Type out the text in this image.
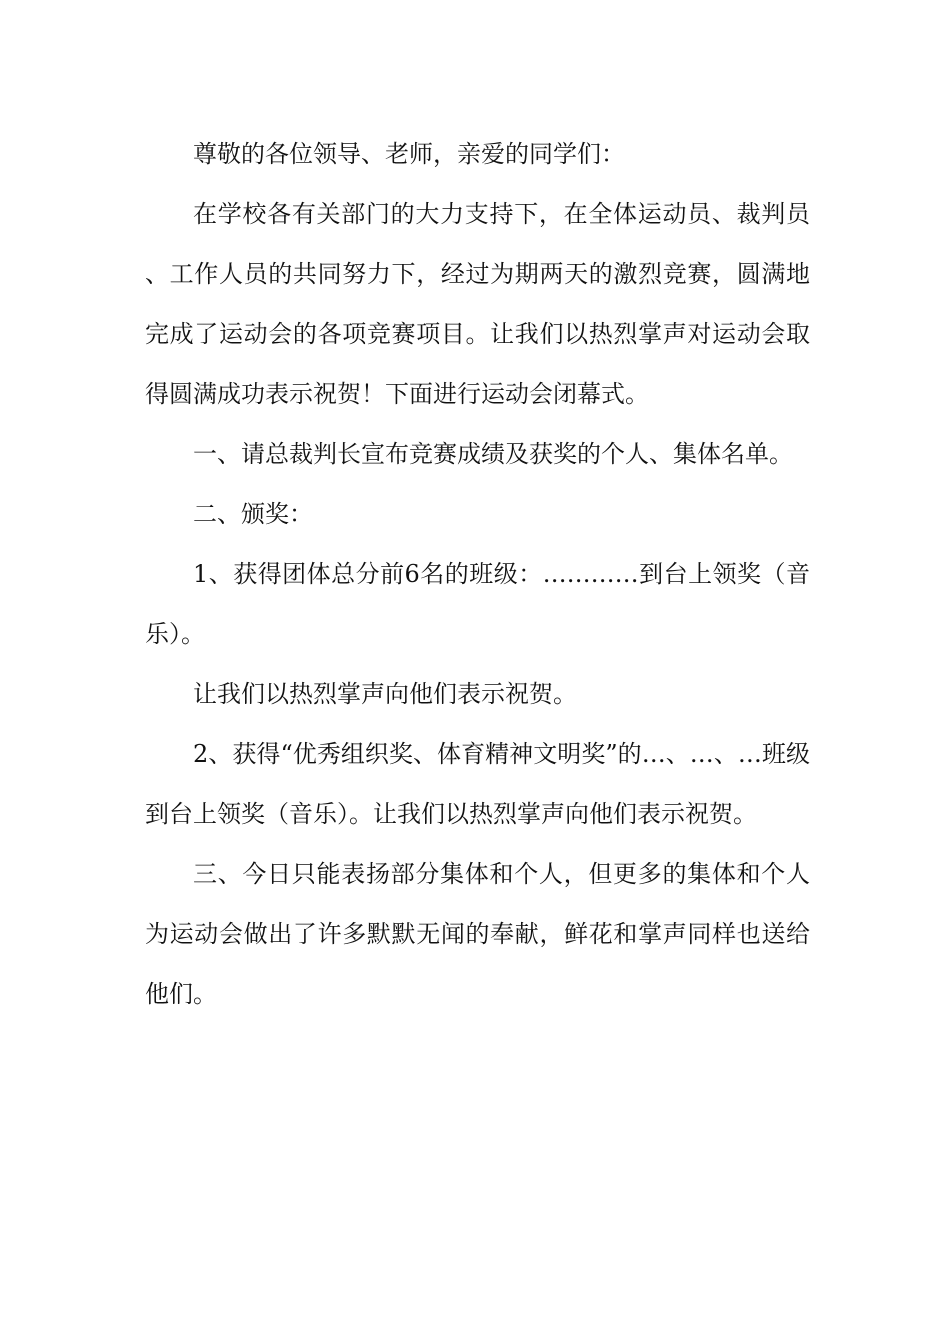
尊敬的各位领导、老师，亲爱的同学们：

在学校各有关部门的大力支持下，在全体运动员、裁判员、工作人员的共同努力下，经过为期两天的激烈竞赛，圆满地完成了运动会的各项竞赛项目。让我们以热烈掌声对运动会取得圆满成功表示祝贺！下面进行运动会闭幕式。

一、请总裁判长宣布竞赛成绩及获奖的个人、集体名单。

二、颁奖：

1、获得团体总分前6名的班级：…………到台上领奖（音乐）。

让我们以热烈掌声向他们表示祝贺。

2、获得“优秀组织奖、体育精神文明奖”的…、…、…班级到台上领奖（音乐）。让我们以热烈掌声向他们表示祝贺。

三、今日只能表扬部分集体和个人，但更多的集体和个人为运动会做出了许多默默无闻的奉献，鲜花和掌声同样也送给他们。
